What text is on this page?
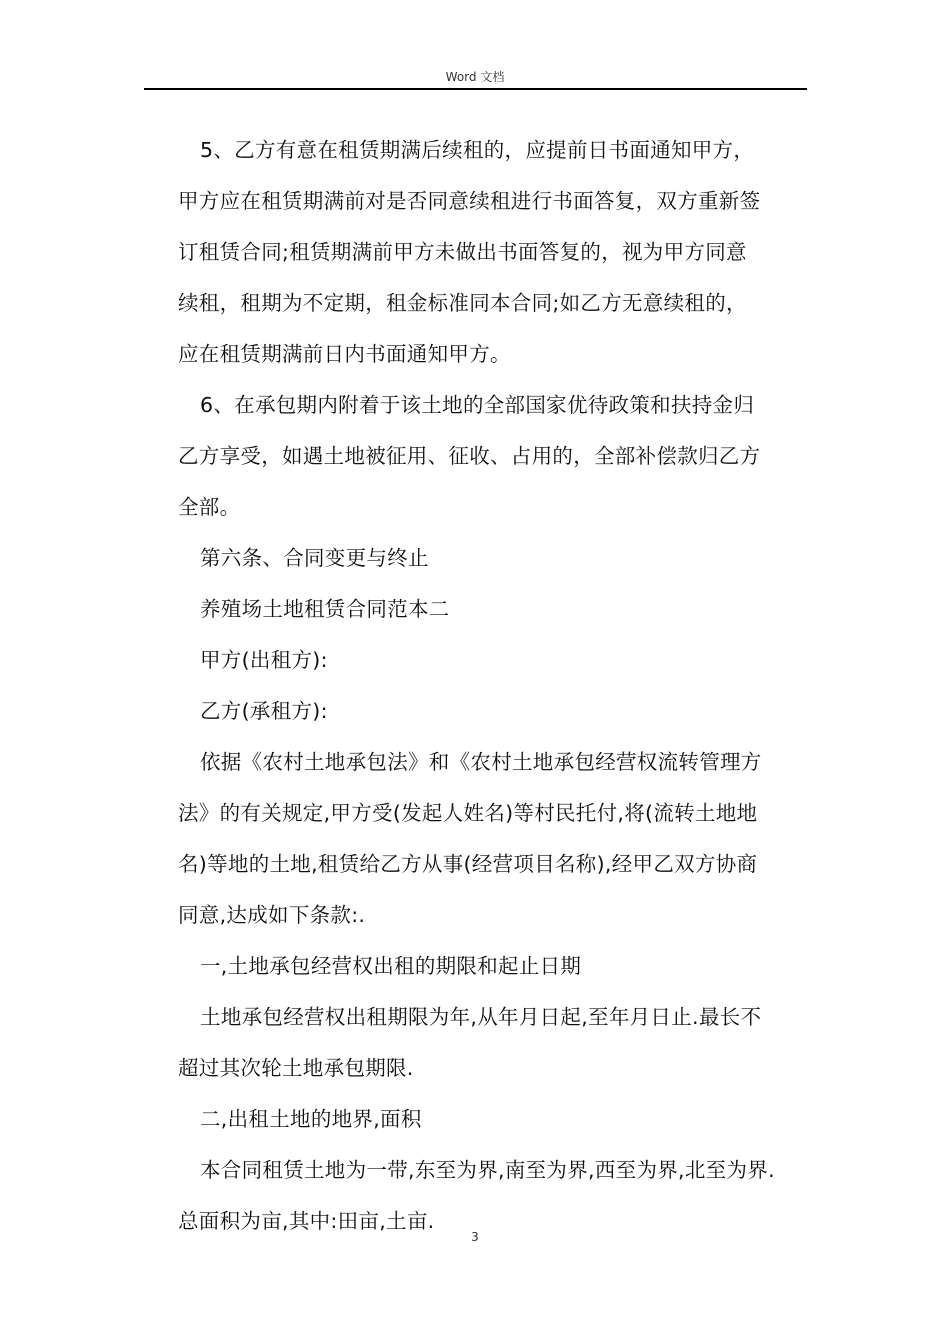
Word 文档
5、乙方有意在租赁期满后续租的，应提前日书面通知甲方，
甲方应在租赁期满前对是否同意续租进行书面答复，双方重新签
订租赁合同;租赁期满前甲方未做出书面答复的，视为甲方同意
续租，租期为不定期，租金标准同本合同;如乙方无意续租的，
应在租赁期满前日内书面通知甲方。
6、在承包期内附着于该土地的全部国家优待政策和扶持金归
乙方享受，如遇土地被征用、征收、占用的，全部补偿款归乙方
全部。
第六条、合同变更与终止
养殖场土地租赁合同范本二
甲方(出租方):
乙方(承租方):
依据《农村土地承包法》和《农村土地承包经营权流转管理方
法》的有关规定,甲方受(发起人姓名)等村民托付,将(流转土地地
名)等地的土地,租赁给乙方从事(经营项目名称),经甲乙双方协商
同意,达成如下条款:.
一,土地承包经营权出租的期限和起止日期
土地承包经营权出租期限为年,从年月日起,至年月日止.最长不
超过其次轮土地承包期限.
二,出租土地的地界,面积
本合同租赁土地为一带,东至为界,南至为界,西至为界,北至为界.
总面积为亩,其中:田亩,土亩.
3
